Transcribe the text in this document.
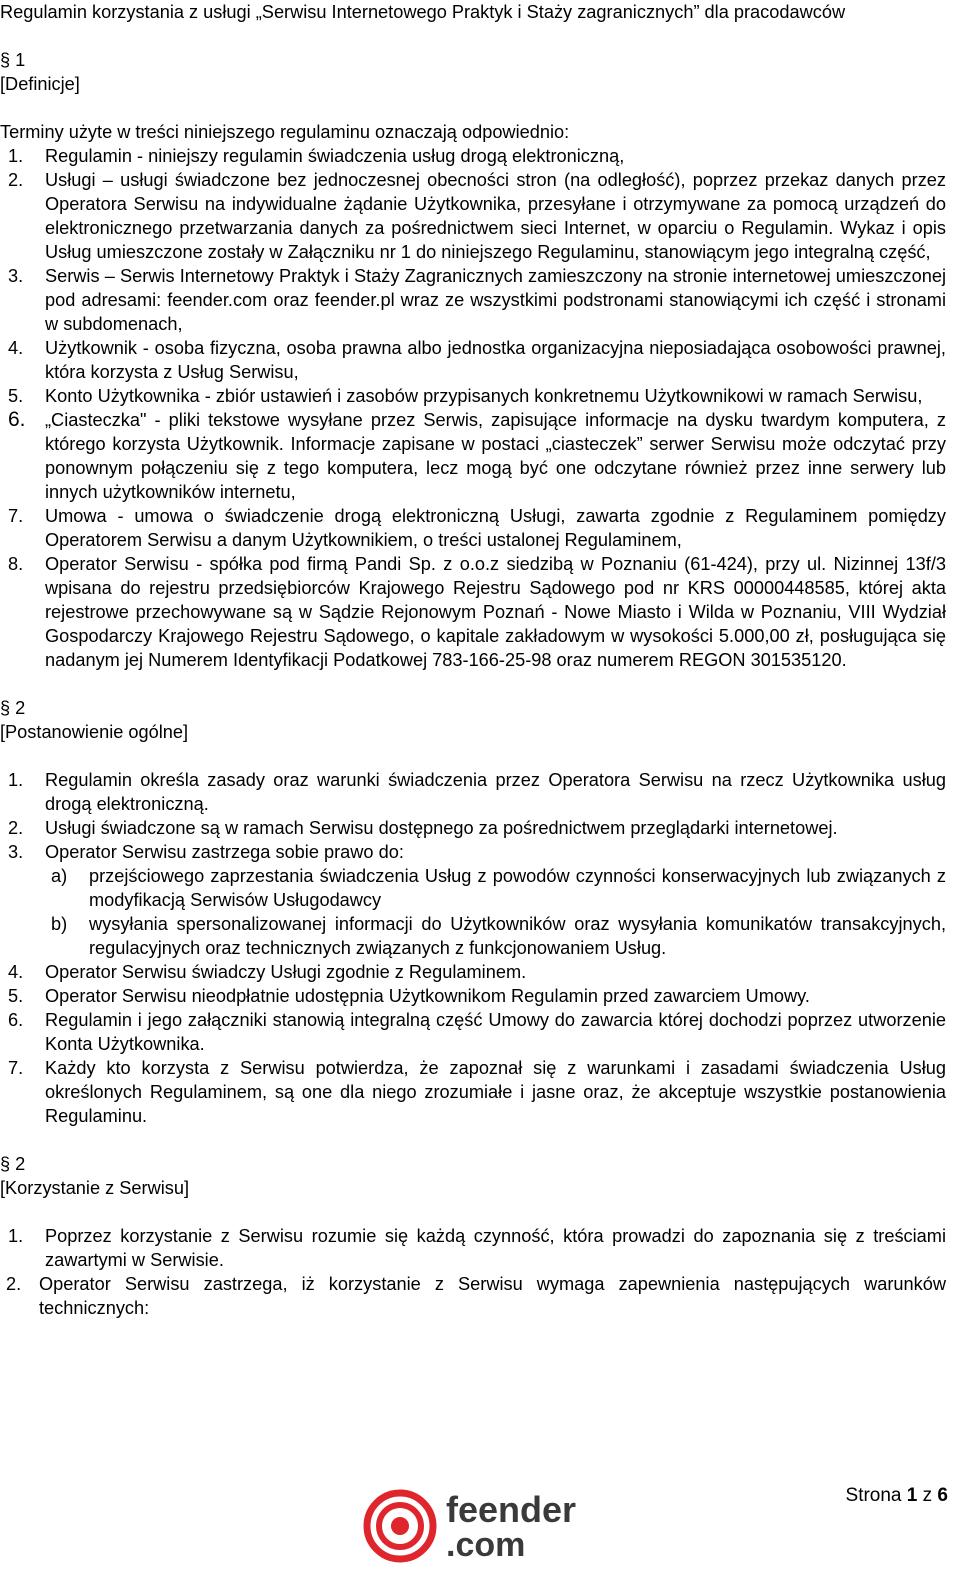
Regulamin korzystania z usługi „Serwisu Internetowego Praktyk i Staży zagranicznych” dla pracodawców

§ 1

[Definicje]

Terminy użyte w treści niniejszego regulaminu oznaczają odpowiednio:

1.	Regulamin - niniejszy regulamin świadczenia usług drogą elektroniczną,
2.	Usługi – usługi świadczone bez jednoczesnej obecności stron (na odległość), poprzez przekaz danych przez Operatora Serwisu na indywidualne żądanie Użytkownika, przesyłane i otrzymywane za pomocą urządzeń do elektronicznego przetwarzania danych za pośrednictwem sieci Internet, w oparciu o Regulamin. Wykaz i opis Usług umieszczone zostały w Załączniku nr 1 do niniejszego Regulaminu, stanowiącym jego integralną część,
3.	Serwis – Serwis Internetowy Praktyk i Staży Zagranicznych zamieszczony na stronie internetowej umieszczonej pod adresami: feender.com oraz feender.pl wraz ze wszystkimi podstronami stanowiącymi ich część i stronami w subdomenach,
4.	Użytkownik - osoba fizyczna, osoba prawna albo jednostka organizacyjna nieposiadająca osobowości prawnej, która korzysta z Usług Serwisu,
5.	Konto Użytkownika - zbiór ustawień i zasobów przypisanych konkretnemu Użytkownikowi w ramach Serwisu,
6.	„Ciasteczka" - pliki tekstowe wysyłane przez Serwis, zapisujące informacje na dysku twardym komputera, z którego korzysta Użytkownik. Informacje zapisane w postaci „ciasteczek” serwer Serwisu może odczytać przy ponownym połączeniu się z tego komputera, lecz mogą być one odczytane również przez inne serwery lub innych użytkowników internetu,
7.	Umowa - umowa o świadczenie drogą elektroniczną Usługi, zawarta zgodnie z Regulaminem pomiędzy Operatorem Serwisu a danym Użytkownikiem, o treści ustalonej Regulaminem,
8.	Operator Serwisu - spółka pod firmą Pandi Sp. z o.o.z siedzibą w Poznaniu (61-424), przy ul. Nizinnej 13f/3 wpisana do rejestru przedsiębiorców Krajowego Rejestru Sądowego pod nr KRS 00000448585, której akta rejestrowe przechowywane są w Sądzie Rejonowym Poznań - Nowe Miasto i Wilda w Poznaniu, VIII Wydział Gospodarczy Krajowego Rejestru Sądowego, o kapitale zakładowym w wysokości 5.000,00 zł, posługująca się nadanym jej Numerem Identyfikacji Podatkowej 783-166-25-98 oraz numerem REGON 301535120.

§ 2

[Postanowienie ogólne]

1.	Regulamin określa zasady oraz warunki świadczenia przez Operatora Serwisu na rzecz Użytkownika usług drogą elektroniczną.
2.	Usługi świadczone są w ramach Serwisu dostępnego za pośrednictwem przeglądarki internetowej.
3.	Operator Serwisu zastrzega sobie prawo do:
a)	przejściowego zaprzestania świadczenia Usług z powodów czynności konserwacyjnych lub związanych z modyfikacją Serwisów Usługodawcy
b)	wysyłania spersonalizowanej informacji do Użytkowników oraz wysyłania komunikatów transakcyjnych, regulacyjnych oraz technicznych związanych z funkcjonowaniem Usług.
4.	Operator Serwisu świadczy Usługi zgodnie z Regulaminem.
5.	Operator Serwisu nieodpłatnie udostępnia Użytkownikom Regulamin przed zawarciem Umowy.
6.	Regulamin i jego załączniki stanowią integralną część Umowy do zawarcia której dochodzi poprzez utworzenie Konta Użytkownika.
7.	Każdy kto korzysta z Serwisu potwierdza, że zapoznał się z warunkami i zasadami świadczenia Usług określonych Regulaminem, są one dla niego zrozumiałe i jasne oraz, że akceptuje wszystkie postanowienia Regulaminu.

§ 2

[Korzystanie z Serwisu]

1.	Poprzez korzystanie z Serwisu rozumie się każdą czynność, która prowadzi do zapoznania się z treściami zawartymi w Serwisie.
2. Operator Serwisu zastrzega, iż korzystanie z Serwisu wymaga zapewnienia następujących warunków technicznych:
feender
.com
Strona 1 z 6
